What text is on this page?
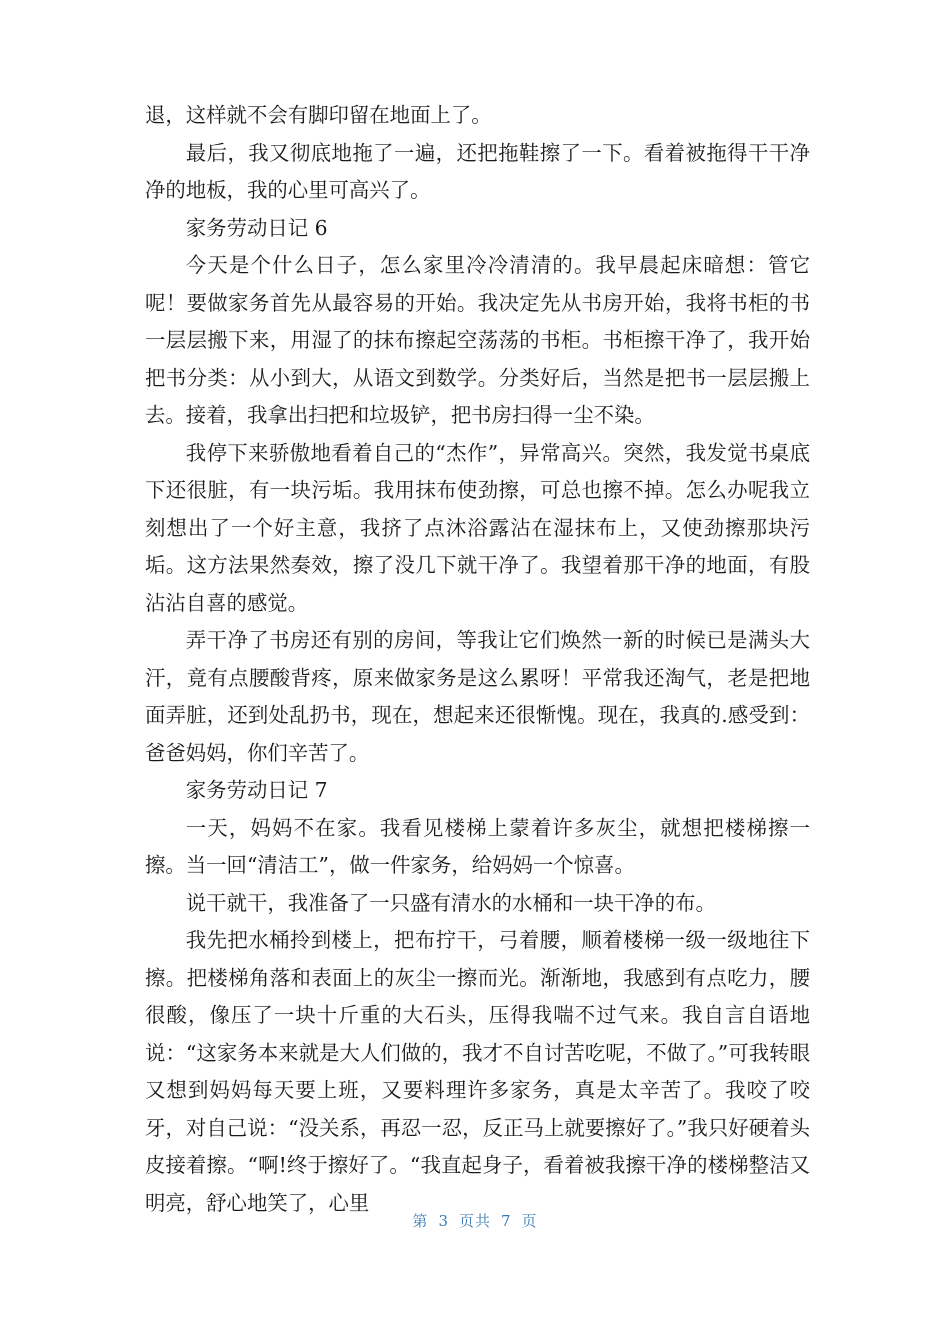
退，这样就不会有脚印留在地面上了。

最后，我又彻底地拖了一遍，还把拖鞋擦了一下。看着被拖得干干净净的地板，我的心里可高兴了。

家务劳动日记 6

今天是个什么日子，怎么家里冷冷清清的。我早晨起床暗想：管它呢！要做家务首先从最容易的开始。我决定先从书房开始，我将书柜的书一层层搬下来，用湿了的抹布擦起空荡荡的书柜。书柜擦干净了，我开始把书分类：从小到大，从语文到数学。分类好后，当然是把书一层层搬上去。接着，我拿出扫把和垃圾铲，把书房扫得一尘不染。

我停下来骄傲地看着自己的“杰作”，异常高兴。突然，我发觉书桌底下还很脏，有一块污垢。我用抹布使劲擦，可总也擦不掉。怎么办呢我立刻想出了一个好主意，我挤了点沐浴露沾在湿抹布上，又使劲擦那块污垢。这方法果然奏效，擦了没几下就干净了。我望着那干净的地面，有股沾沾自喜的感觉。

弄干净了书房还有别的房间，等我让它们焕然一新的时候已是满头大汗，竟有点腰酸背疼，原来做家务是这么累呀！平常我还淘气，老是把地面弄脏，还到处乱扔书，现在，想起来还很惭愧。现在，我真的.感受到：爸爸妈妈，你们辛苦了。

家务劳动日记 7

一天，妈妈不在家。我看见楼梯上蒙着许多灰尘，就想把楼梯擦一擦。当一回“清洁工”，做一件家务，给妈妈一个惊喜。

说干就干，我准备了一只盛有清水的水桶和一块干净的布。

我先把水桶拎到楼上，把布拧干，弓着腰，顺着楼梯一级一级地往下擦。把楼梯角落和表面上的灰尘一擦而光。渐渐地，我感到有点吃力，腰很酸，像压了一块十斤重的大石头，压得我喘不过气来。我自言自语地说：“这家务本来就是大人们做的，我才不自讨苦吃呢，不做了。”可我转眼又想到妈妈每天要上班，又要料理许多家务，真是太辛苦了。我咬了咬牙，对自己说：“没关系，再忍一忍，反正马上就要擦好了。”我只好硬着头皮接着擦。“啊!终于擦好了。“我直起身子，看着被我擦干净的楼梯整洁又明亮，舒心地笑了，心里

第 3 页共 7 页
